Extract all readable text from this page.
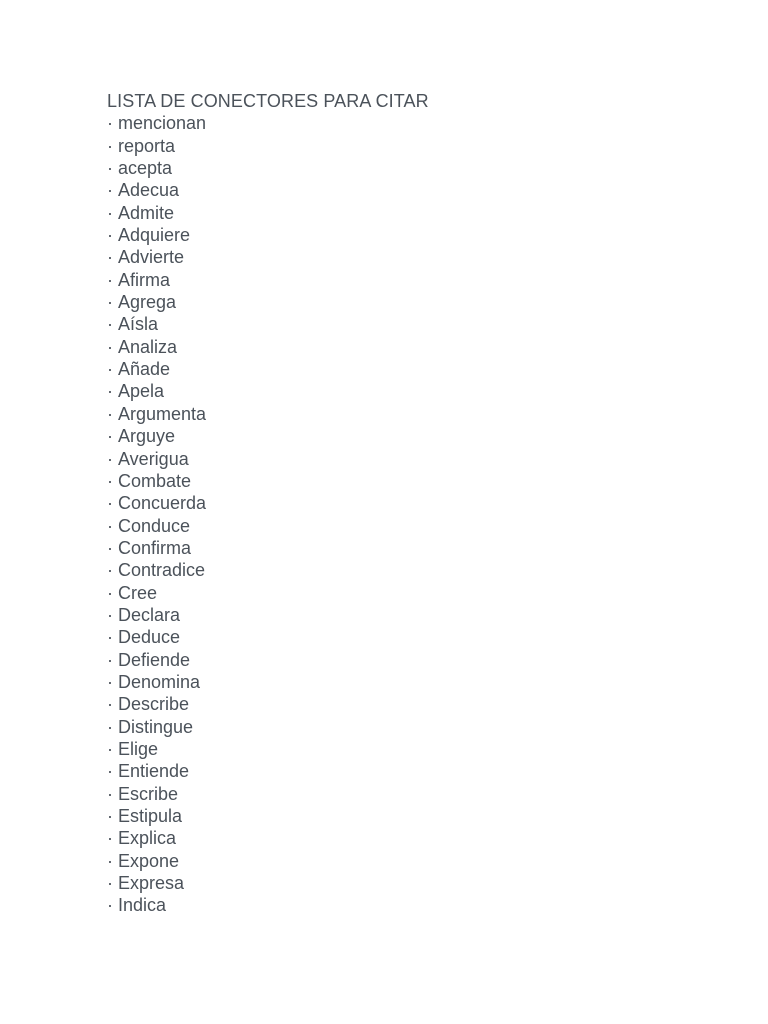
LISTA DE CONECTORES PARA CITAR
· mencionan
· reporta
· acepta
· Adecua
· Admite
· Adquiere
· Advierte
· Afirma
· Agrega
· Aísla
· Analiza
· Añade
· Apela
· Argumenta
· Arguye
· Averigua
· Combate
· Concuerda
· Conduce
· Confirma
· Contradice
· Cree
· Declara
· Deduce
· Defiende
· Denomina
· Describe
· Distingue
· Elige
· Entiende
· Escribe
· Estipula
· Explica
· Expone
· Expresa
· Indica
